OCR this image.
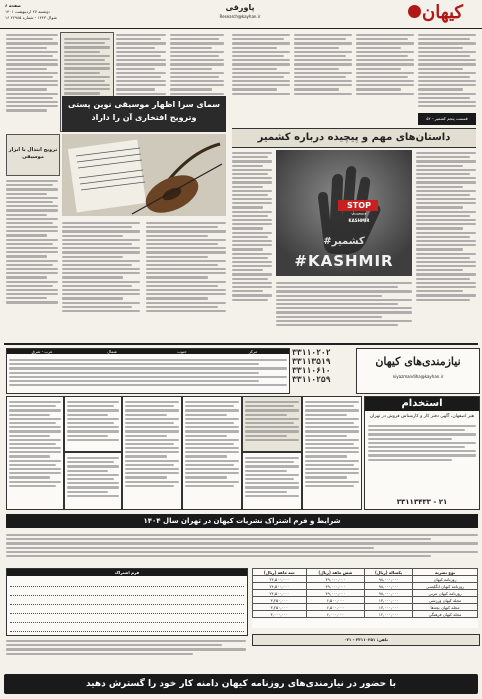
صفحه ۶
دوشنبه ۲۷ اردیبهشت ۱۴۰۱
۱۶ شوال ۱۴۴۳ - شماره ۲۲۹۸۵
پاورقی
Research@kayhan.ir	کیهان
سمای سرا اظهار موسیقی نوین پستی
وترویج افتخاری آن را داراد
ترویج ابتذال با ابزار موسیقی
داستان‌های مهم و پیچیده درباره کشمیر
قسمت پنجم کشمیر - ۵۲
STOP
VIOLENCE
KASHMIR
#کشمیر
#KASHMIR
مرکز
جنوب
شمال
غرب - شرق	۳۳۱۱۰۲۰۲
۳۳۱۱۳۵۱۹
۳۳۱۱۰۶۱۰
۳۳۱۱۰۲۵۹
نیازمندی‌های کیهان
niyazmandiha@kayhan.ir
استخدام
هنر اصفهان، آگهی دفتر کار و کارشناس فروش در تهران
۳۳۱۱۳۴۳۳ - ۲۱
شرایط و فرم اشتراک نشریات کیهان در تهران سال ۱۴۰۴
سه ماهه (ریال)	شش ماهه (ریال)	یکساله (ریال)	نوع نشریه
۲۴,۵۰۰,۰۰۰	۴۹,۰۰۰,۰۰۰	۹۸,۰۰۰,۰۰۰	روزنامه کیهان
۲۴,۵۰۰,۰۰۰	۴۹,۰۰۰,۰۰۰	۹۸,۰۰۰,۰۰۰	روزنامه کیهان انگلیسی
۲۴,۵۰۰,۰۰۰	۴۹,۰۰۰,۰۰۰	۹۸,۰۰۰,۰۰۰	روزنامه کیهان عربی
۳,۲۵۰,۰۰۰	۶,۵۰۰,۰۰۰	۱۳,۰۰۰,۰۰۰	مجله کیهان ورزشی
۳,۲۵۰,۰۰۰	۶,۵۰۰,۰۰۰	۱۳,۰۰۰,۰۰۰	مجله کیهان بچه‌ها
۳,۰۰۰,۰۰۰	۶,۰۰۰,۰۰۰	۱۲,۰۰۰,۰۰۰	مجله کیهان فرهنگی
فرم اشتراک
تلفن: ۳۳۱۱۰۲۵۱ - ۰۲۱
با حضور در نیازمندی‌های روزنامه کیهان دامنه کار خود را گسترش دهید
